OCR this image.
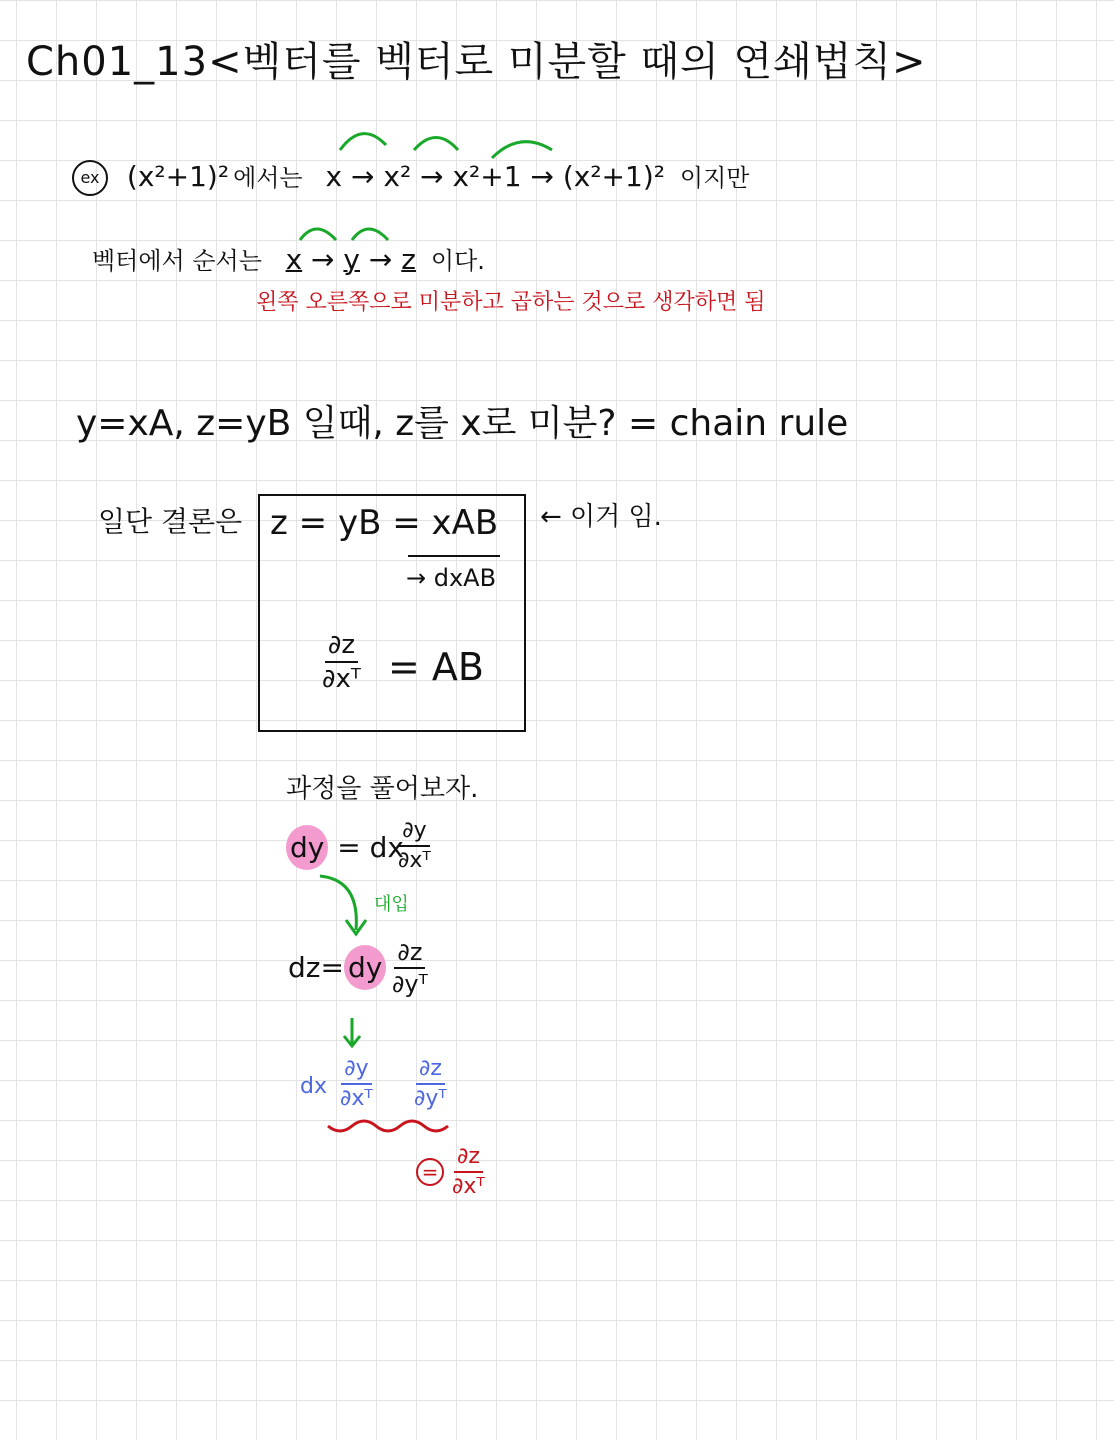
Ch01_13<벡터를 벡터로 미분할 때의 연쇄법칙>
ex (x²+1)² 에서는 x → x² → x²+1 → (x²+1)² 이지만
벡터에서 순서는 x → y → z 이다.
왼쪽 오른쪽으로 미분하고 곱하는 것으로 생각하면 됨
y=xA, z=yB 일때, z를 x로 미분? = chain rule
일단 결론은 z = yB = xAB
→ dxAB
$\frac{\partial z}{\text{∂xᵀ}}$ = AB
← 이거 임.
과정을 풀어보자.
dy = dx
$\frac{\partial y}{\text{∂xᵀ}}$
대입
dz= dy $\frac{\partial z}{\text{∂yᵀ}}$
dx $\frac{\partial y}{\text{∂xᵀ}} \frac{\partial z}{\text{∂yᵀ}}$
= $\frac{\partial z}{\text{∂xᵀ}}$
